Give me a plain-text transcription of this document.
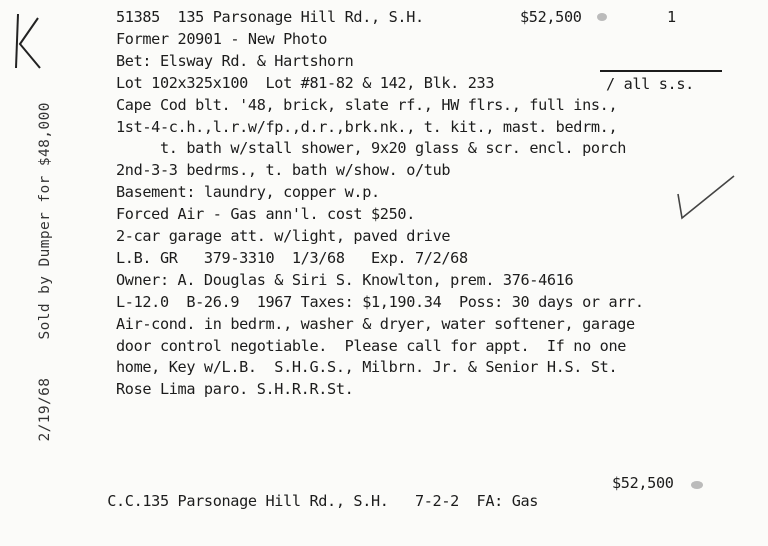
51385  135 Parsonage Hill Rd., S.H.	$52,500	1
Former 20901 - New Photo
Bet: Elsway Rd. & Hartshorn
Lot 102x325x100  Lot #81-82 & 142, Blk. 233	/ all s.s.
Cape Cod blt. '48, brick, slate rf., HW flrs., full ins.,
1st-4-c.h.,l.r.w/fp.,d.r.,brk.nk., t. kit., mast. bedrm.,
t. bath w/stall shower, 9x20 glass & scr. encl. porch
2nd-3-3 bedrms., t. bath w/show. o/tub
Basement: laundry, copper w.p.
Forced Air - Gas ann'l. cost $250.
2-car garage att. w/light, paved drive
L.B. GR   379-3310  1/3/68   Exp. 7/2/68
Owner: A. Douglas & Siri S. Knowlton, prem. 376-4616
L-12.0  B-26.9  1967 Taxes: $1,190.34  Poss: 30 days or arr.
Air-cond. in bedrm., washer & dryer, water softener, garage
door control negotiable.  Please call for appt.  If no one
home, Key w/L.B.  S.H.G.S., Milbrn. Jr. & Senior H.S. St.
Rose Lima paro. S.H.R.R.St.

2/19/68Sold by Dumper for $48,000

C.C.135 Parsonage Hill Rd., S.H.   7-2-2  FA: Gas

$52,500
